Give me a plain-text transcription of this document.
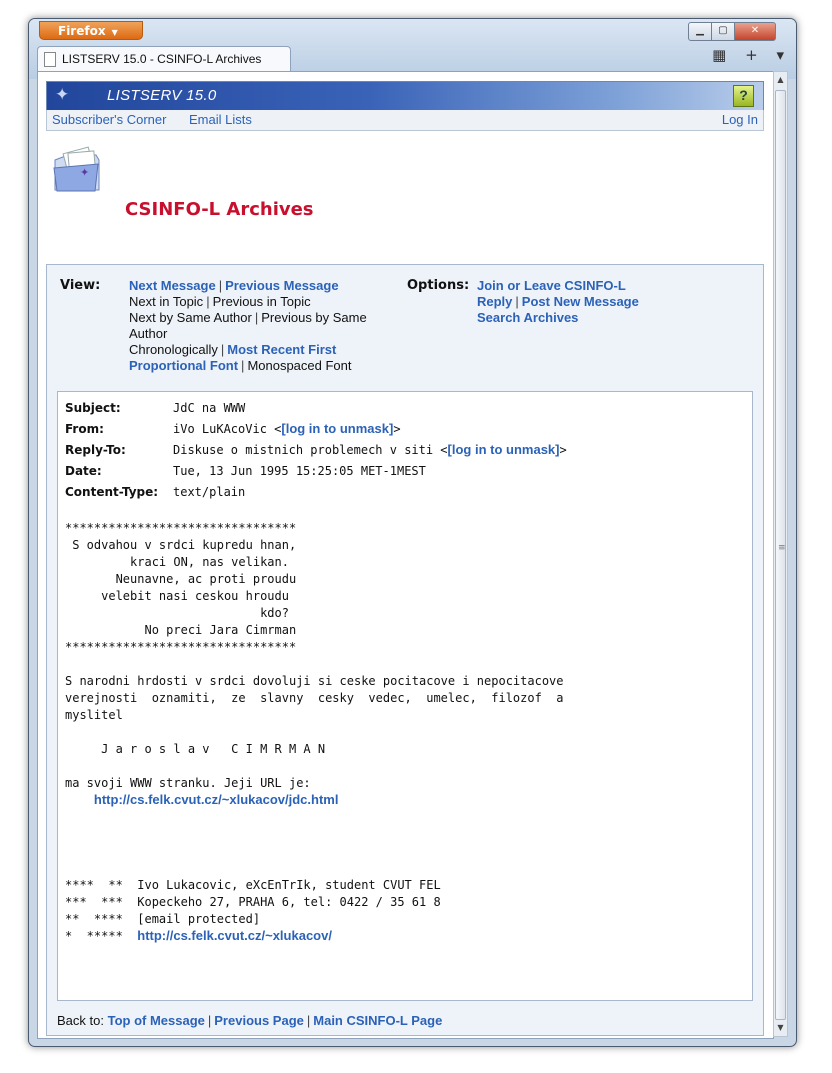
Firefox ▼	▁	▢	✕
LISTSERV 15.0 - CSINFO-L Archives	▦ + ▾
✦	LISTSERV 15.0	?
Subscriber's Corner Email Lists	Log In
✦
CSINFO-L Archives
View: Next Message | Previous Message
Next in Topic | Previous in Topic
Next by Same Author | Previous by Same Author
Chronologically | Most Recent First
Proportional Font | Monospaced Font
Options: Join or Leave CSINFO-L
Reply | Post New Message
Search Archives
Subject:	JdC na WWW
From:	iVo LuKAcoVic <[log in to unmask]>
Reply-To:	Diskuse o mistnich problemech v siti <[log in to unmask]>
Date:	Tue, 13 Jun 1995 15:25:05 MET-1MEST
Content-Type: text/plain
********************************
S odvahou v srdci kupredu hnan,
kraci ON, nas velikan.
Neunavne, ac proti proudu
velebit nasi ceskou hroudu
kdo?
No preci Jara Cimrman
********************************

S narodni hrdosti v srdci dovoluji si ceske pocitacove i nepocitacove
verejnosti  oznamiti,  ze  slavny  cesky  vedec,  umelec,  filozof  a
myslitel

J a r o s l a v   C I M R M A N

ma svoji WWW stranku. Jeji URL je:
http://cs.felk.cvut.cz/~xlukacov/jdc.html

****  **  Ivo Lukacovic, eXcEnTrIk, student CVUT FEL
***  ***  Kopeckeho 27, PRAHA 6, tel: 0422 / 35 61 8
**  ****  [email protected]
*  *****  http://cs.felk.cvut.cz/~xlukacov/
Back to: Top of Message | Previous Page | Main CSINFO-L Page
▲
≡
▼
